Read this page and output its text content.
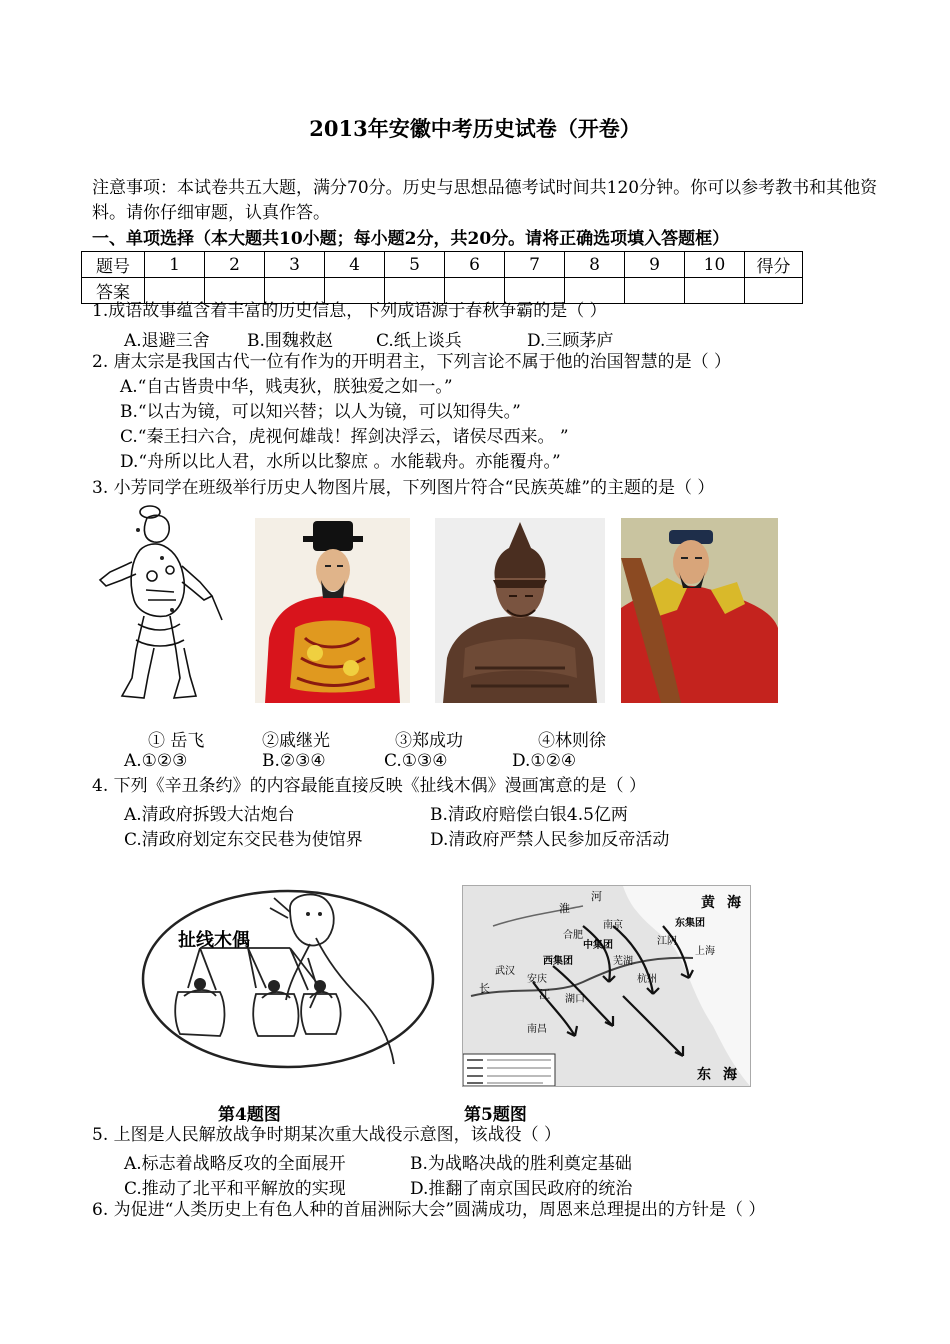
2013年安徽中考历史试卷（开卷）
注意事项：本试卷共五大题，满分70分。历史与思想品德考试时间共120分钟。你可以参考教书和其他资料。请你仔细审题，认真作答。
一、单项选择（本大题共10小题；每小题2分，共20分。请将正确选项填入答题框）
题号	1	2	3	4	5	6	7	8	9	10	得分
答案											
1.成语故事蕴含着丰富的历史信息，下列成语源于春秋争霸的是（ ）
A.退避三舍 B.围魏救赵	C.纸上谈兵	D.三顾茅庐
2. 唐太宗是我国古代一位有作为的开明君主，下列言论不属于他的治国智慧的是（ ）
A.“自古皆贵中华，贱夷狄，朕独爱之如一。”
B.“以古为镜，可以知兴替；以人为镜，可以知得失。”
C.“秦王扫六合，虎视何雄哉！挥剑决浮云，诸侯尽西来。 ”
D.“舟所以比人君，水所以比黎庶 。水能载舟。亦能覆舟。”
3. 小芳同学在班级举行历史人物图片展，下列图片符合“民族英雄”的主题的是（ ）
① 岳飞	②戚继光	③郑成功	④林则徐
A.①②③	B.②③④	C.①③④	D.①②④
4. 下列《辛丑条约》的内容最能直接反映《扯线木偶》漫画寓意的是（ ）
A.清政府拆毁大沽炮台	B.清政府赔偿白银4.5亿两
C.清政府划定东交民巷为使馆界	D.清政府严禁人民参加反帝活动
扯线木偶
河
淮	黄 海
合肥
南京
江阴
中集团
西集团
东集团
长
武汉
安庆
江
芜湖
杭州
上海
湖口
南昌
东 海
第4题图	第5题图
5. 上图是人民解放战争时期某次重大战役示意图，该战役（ ）
A.标志着战略反攻的全面展开	B.为战略决战的胜利奠定基础
C.推动了北平和平解放的实现	D.推翻了南京国民政府的统治
6. 为促进“人类历史上有色人种的首届洲际大会”圆满成功，周恩来总理提出的方针是（ ）
